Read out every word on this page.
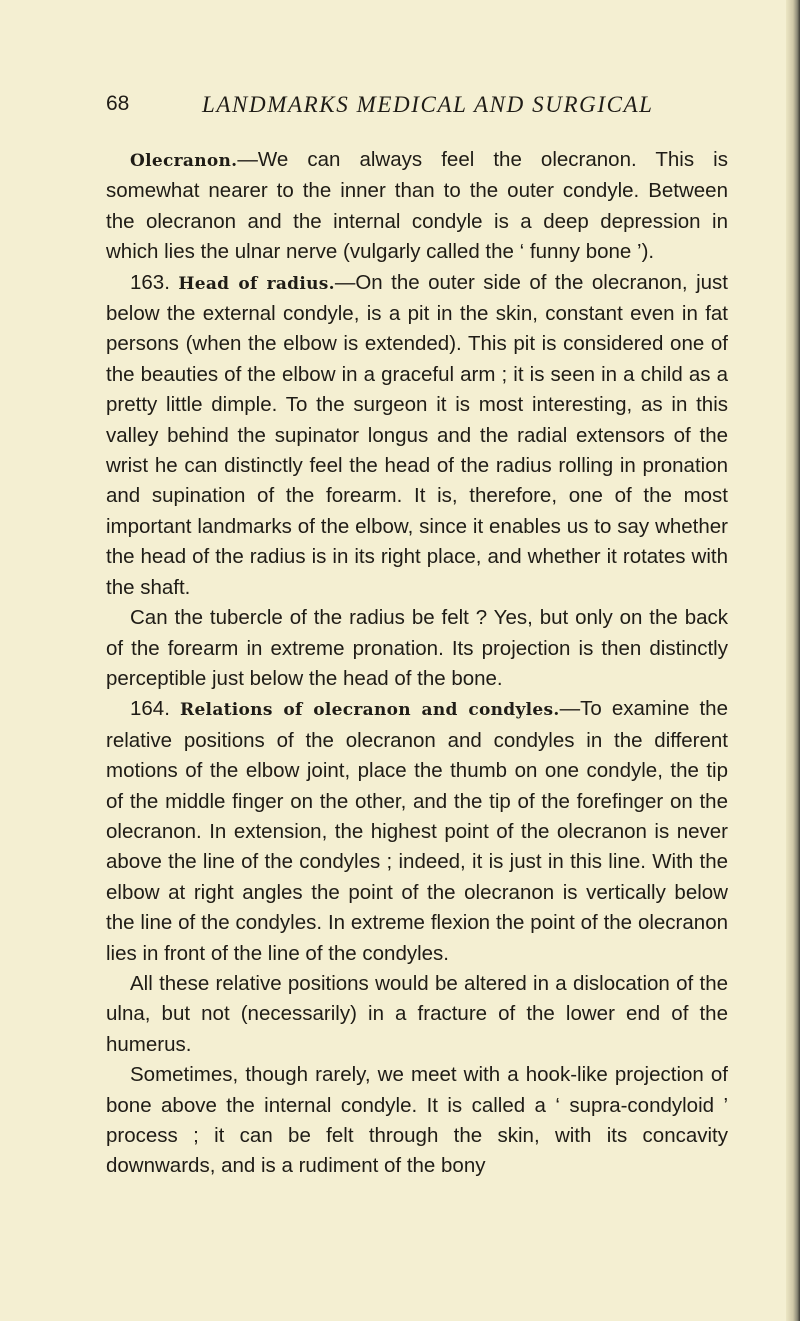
68	LANDMARKS MEDICAL AND SURGICAL

Olecranon.—We can always feel the olecranon. This is somewhat nearer to the inner than to the outer condyle. Between the olecranon and the internal condyle is a deep depression in which lies the ulnar nerve (vulgarly called the ‘ funny bone ’).

163. Head of radius.—On the outer side of the olecranon, just below the external condyle, is a pit in the skin, constant even in fat persons (when the elbow is extended). This pit is considered one of the beauties of the elbow in a graceful arm ; it is seen in a child as a pretty little dimple. To the surgeon it is most interesting, as in this valley behind the supinator longus and the radial extensors of the wrist he can distinctly feel the head of the radius rolling in pronation and supination of the forearm. It is, therefore, one of the most important landmarks of the elbow, since it enables us to say whether the head of the radius is in its right place, and whether it rotates with the shaft.

Can the tubercle of the radius be felt ? Yes, but only on the back of the forearm in extreme pronation. Its projection is then distinctly perceptible just below the head of the bone.

164. Relations of olecranon and condyles.—To examine the relative positions of the olecranon and condyles in the different motions of the elbow joint, place the thumb on one condyle, the tip of the middle finger on the other, and the tip of the forefinger on the olecranon. In extension, the highest point of the olecranon is never above the line of the condyles ; indeed, it is just in this line. With the elbow at right angles the point of the olecranon is vertically below the line of the condyles. In extreme flexion the point of the olecranon lies in front of the line of the condyles.

All these relative positions would be altered in a dislocation of the ulna, but not (necessarily) in a fracture of the lower end of the humerus.

Sometimes, though rarely, we meet with a hook-like projection of bone above the internal condyle. It is called a ‘ supra-condyloid ’ process ; it can be felt through the skin, with its concavity downwards, and is a rudiment of the bony
